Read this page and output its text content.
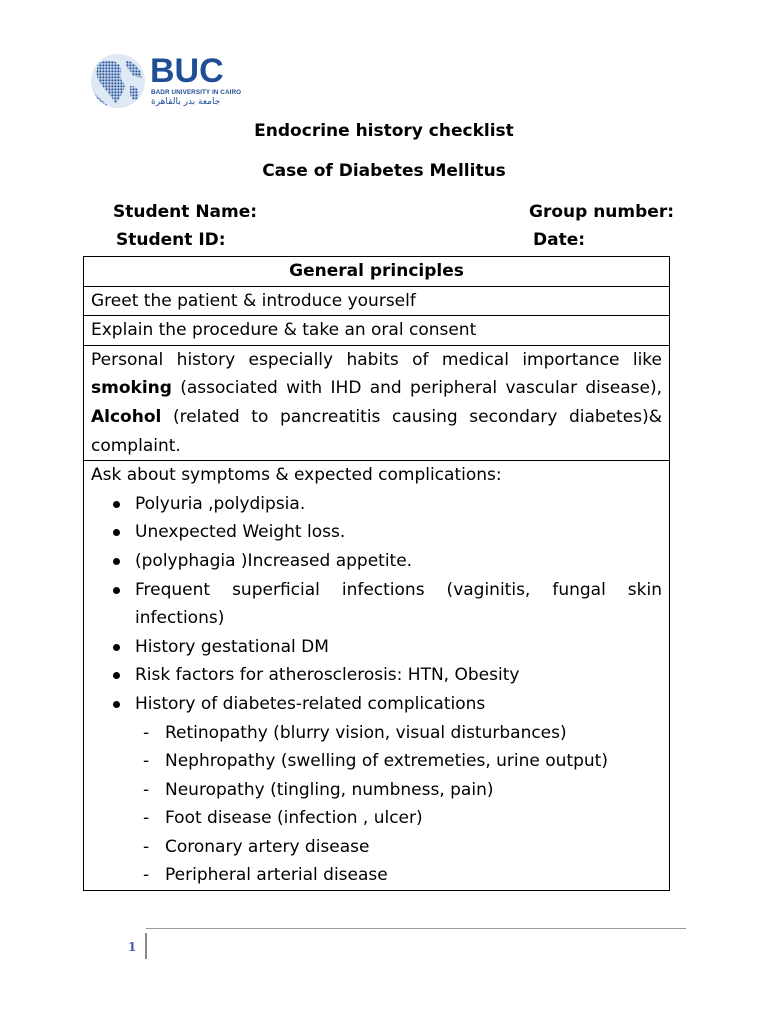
BUC
BADR UNIVERSITY IN CAIRO
جامعة بدر بالقاهرة
Endocrine history checklist
Case of Diabetes Mellitus
Student Name:	Group number:
Student ID:	Date:
General principles
Greet the patient & introduce yourself
Explain the procedure & take an oral consent
Personal history especially habits of medical importance like smoking (associated with IHD and peripheral vascular disease), Alcohol (related to pancreatitis causing secondary diabetes)& complaint.

Ask about symptoms & expected complications:
Polyuria ,polydipsia.
Unexpected Weight loss.
(polyphagia )Increased appetite.
Frequent superficial infections (vaginitis, fungal skin infections)
History gestational DM
Risk factors for atherosclerosis: HTN, Obesity
History of diabetes-related complications
- Retinopathy (blurry vision, visual disturbances)
- Nephropathy (swelling of extremeties, urine output)
- Neuropathy (tingling, numbness, pain)
- Foot disease (infection , ulcer)
- Coronary artery disease
- Peripheral arterial disease
1
